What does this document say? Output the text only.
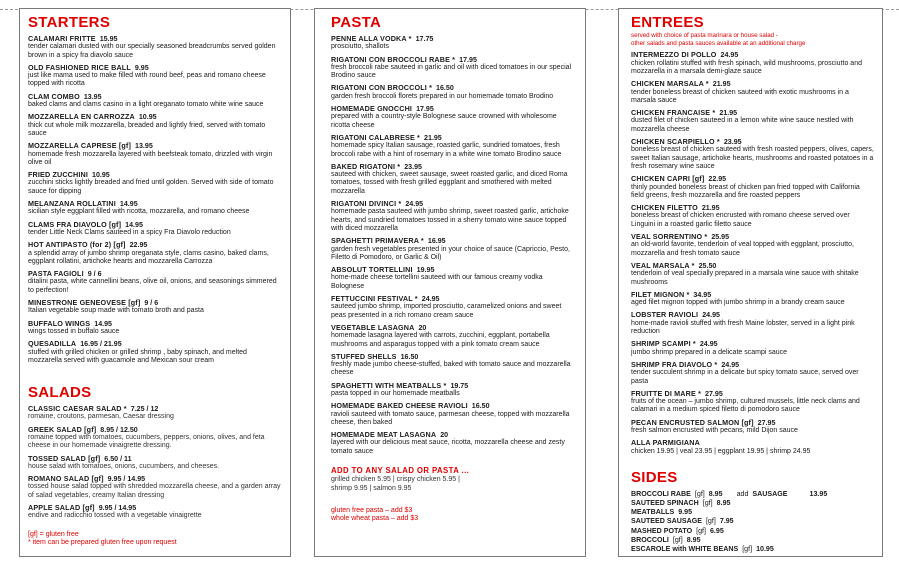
STARTERS
CALAMARI FRITTE 15.95
tender calamari dusted with our specially seasoned breadcrumbs served golden brown in a spicy fra diavolo sauce
OLD FASHIONED RICE BALL 9.95
just like mama used to make filled with round beef, peas and romano cheese topped with ricotta
CLAM COMBO 13.95
baked clams and clams casino in a light oreganato tomato white wine sauce
MOZZARELLA EN CARROZZA 10.95
thick cut whole milk mozzarella, breaded and lightly fried, served with tomato sauce
MOZZARELLA CAPRESE [gf] 13.95
homemade fresh mozzarella layered with beefsteak tomato, drizzled with virgin olive oil
FRIED ZUCCHINI 10.95
zucchini sticks lightly breaded and fried until golden. Served with side of tomato sauce for dipping
MELANZANA ROLLATINI 14.95
sicilian style eggplant filled with ricotta, mozzarella, and romano cheese
CLAMS FRA DIAVOLO [gf] 14.95
tender Little Neck Clams sauteed in a spicy Fra Diavolo reduction
HOT ANTIPASTO (for 2) [gf] 22.95
a splendid array of jumbo shrimp oreganata style, clams casino, baked clams, eggplant rollatini, artichoke hearts and mozzarella Carrozza
PASTA FAGIOLI 9 / 6
ditalini pasta, white cannellini beans, olive oil, onions, and seasonings simmered to perfection!
MINESTRONE GENEOVESE [gf] 9 / 6
Italian vegetable soup made with tomato broth and pasta
BUFFALO WINGS 14.95
wings tossed in buffalo sauce
QUESADILLA 16.95 / 21.95
stuffed with grilled chicken or grilled shrimp , baby spinach, and melted mozzarella served with guacamole and Mexican sour cream
SALADS
CLASSIC CAESAR SALAD * 7.25 / 12
romaine, croutons, parmesan, Caesar dressing
GREEK SALAD [gf] 8.95 / 12.50
romaine topped with tomatoes, cucumbers, peppers, onions, olives, and feta cheese in our homemade vinaigrette dressing.
TOSSED SALAD [gf] 6.50 / 11
house salad with tomatoes, onions, cucumbers, and cheeses.
ROMANO SALAD [gf] 9.95 / 14.95
tossed house salad topped with shredded mozzarella cheese, and a garden array of salad vegetables, creamy Italian dressing
APPLE SALAD [gf] 9.95 / 14.95
endive and radicchio tossed with a vegetable vinaigrette
[gf] = gluten free
* item can be prepared gluten free upon request
PASTA
PENNE ALLA VODKA * 17.75
prosciutto, shallots
RIGATONI CON BROCCOLI RABE * 17.95
fresh broccoli rabe sauteed in garlic and oil with diced tomatoes in our special Brodino sauce
RIGATONI CON BROCCOLI * 16.50
garden fresh broccoli florets prepared in our homemade tomato Brodino
HOMEMADE GNOCCHI 17.95
prepared with a country-style Bolognese sauce crowned with wholesome ricotta cheese
RIGATONI CALABRESE * 21.95
homemade spicy Italian sausage, roasted garlic, sundried tomatoes, fresh broccoli rabe with a hint of rosemary in a white wine tomato Brodino sauce
BAKED RIGATONI * 23.95
sauteed with chicken, sweet sausage, sweet roasted garlic, and diced Roma tomatoes, tossed with fresh grilled eggplant and smothered with melted mozzarella
RIGATONI DIVINCI * 24.95
homemade pasta sauteed with jumbo shrimp, sweet roasted garlic, artichoke hearts, and sundried tomatoes tossed in a sherry tomato wine sauce topped with diced mozzarella
SPAGHETTI PRIMAVERA * 16.95
garden fresh vegetables presented in your choice of sauce (Capriccio, Pesto, Filetto di Pomodoro, or Garlic & Oil)
ABSOLUT TORTELLINI 19.95
home-made cheese tortellini sauteed with our famous creamy vodka Bolognese
FETTUCCINI FESTIVAL * 24.95
sauteed jumbo shrimp, imported prosciutto, caramelized onions and sweet peas presented in a rich romano cream sauce
VEGETABLE LASAGNA 20
homemade lasagna layered with carrots, zucchini, eggplant, portabella mushrooms and asparagus topped with a pink tomato cream sauce
STUFFED SHELLS 16.50
freshly made jumbo cheese-stuffed, baked with tomato sauce and mozzarella cheese
SPAGHETTI WITH MEATBALLS * 19.75
pasta topped in our homemade meatballs
HOMEMADE BAKED CHEESE RAVIOLI 16.50
ravioli sauteed with tomato sauce, parmesan cheese, topped with mozzarella cheese, then baked
HOMEMADE MEAT LASAGNA 20
layered with our delicious meat sauce, ricotta, mozzarella cheese and zesty tomato sauce
ADD TO ANY SALAD OR PASTA ...
grilled chicken 5.95 | crispy chicken 5.95 |
shrimp 9.95 | salmon 9.95
gluten free pasta – add $3
whole wheat pasta – add $3
ENTREES
served with choice of pasta marinara or house salad -
other salads and pasta sauces available at an additional charge
INTERMEZZO DI POLLO 24.95
chicken rollatini stuffed with fresh spinach, wild mushrooms, prosciutto and mozzarella in a marsala demi-glaze sauce
CHICKEN MARSALA * 21.95
tender boneless breast of chicken sauteed with exotic mushrooms in a marsala sauce
CHICKEN FRANCAISE * 21.95
dusted filet of chicken sauteed in a lemon white wine sauce nestled with mozzarella cheese
CHICKEN SCARPIELLO * 23.95
boneless breast of chicken sauteed with fresh roasted peppers, olives, capers, sweet Italian sausage, artichoke hearts, mushrooms and roasted potatoes in a fresh rosemary wine sauce
CHICKEN CAPRI [gf] 22.95
thinly pounded boneless breast of chicken pan fried topped with California field greens, fresh mozzarella and fire roasted peppers
CHICKEN FILETTO 21.95
boneless breast of chicken encrusted with romano cheese served over Linguini in a roasted garlic filetto sauce
VEAL SORRENTINO * 25.95
an old-world favorite, tenderloin of veal topped with eggplant, prosciutto, mozzarella and fresh tomato sauce
VEAL MARSALA * 25.50
tenderloin of veal specially prepared in a marsala wine sauce with shitake mushrooms
FILET MIGNON * 34.95
aged filet mignon topped with jumbo shrimp in a brandy cream sauce
LOBSTER RAVIOLI 24.95
home-made ravioli stuffed with fresh Maine lobster, served in a light pink reduction
SHRIMP SCAMPI * 24.95
jumbo shrimp prepared in a delicate scampi sauce
SHRIMP FRA DIAVOLO * 24.95
tender succulent shrimp in a delicate but spicy tomato sauce, served over pasta
FRUITTE DI MARE * 27.95
fruits of the ocean – jumbo shrimp, cultured mussels, little neck clams and calamari in a medium spiced filetto di pomodoro sauce
PECAN ENCRUSTED SALMON [gf] 27.95
fresh salmon encrusted with pecans, mild Dijon sauce
ALLA PARMIGIANA
chicken 19.95 | veal 23.95 | eggplant 19.95 | shrimp 24.95
SIDES
BROCCOLI RABE [gf] 8.95 add SAUSAGE	13.95
SAUTEED SPINACH [gf] 8.95
MEATBALLS 9.95
SAUTEED SAUSAGE [gf] 7.95
MASHED POTATO [gf] 6.95
BROCCOLI [gf] 8.95
ESCAROLE with WHITE BEANS [gf] 10.95
